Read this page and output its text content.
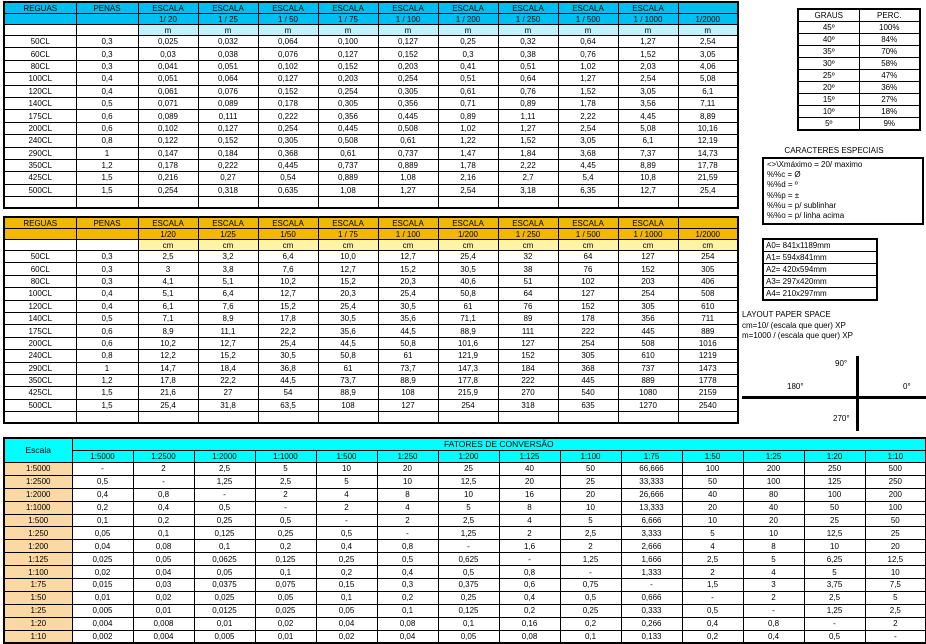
REGUAS	PENAS	ESCALA	ESCALA	ESCALA	ESCALA	ESCALA	ESCALA	ESCALA	ESCALA	ESCALA	
		1/ 20	1 / 25	1 / 50	1 / 75	1 / 100	1 / 200	1 / 250	1 / 500	1 / 1000	1/2000
		m	m	m	m	m	m	m	m	m	m
50CL	0,3	0,025	0,032	0,064	0,100	0,127	0,25	0,32	0,64	1,27	2,54
60CL	0,3	0,03	0,038	0,076	0,127	0,152	0,3	0,38	0,76	1,52	3,05
80CL	0,3	0,041	0,051	0,102	0,152	0,203	0,41	0,51	1,02	2,03	4,06
100CL	0,4	0,051	0,064	0,127	0,203	0,254	0,51	0,64	1,27	2,54	5,08
120CL	0,4	0,061	0,076	0,152	0,254	0,305	0,61	0,76	1,52	3,05	6,1
140CL	0,5	0,071	0,089	0,178	0,305	0,356	0,71	0,89	1,78	3,56	7,11
175CL	0,6	0,089	0,111	0,222	0,356	0,445	0,89	1,11	2,22	4,45	8,89
200CL	0,6	0,102	0,127	0,254	0,445	0,508	1,02	1,27	2,54	5,08	10,16
240CL	0,8	0,122	0,152	0,305	0,508	0,61	1,22	1,52	3,05	6,1	12,19
290CL	1	0,147	0,184	0,368	0,61	0,737	1,47	1,84	3,68	7,37	14,73
350CL	1,2	0,178	0,222	0,445	0,737	0,889	1,78	2,22	4,45	8,89	17,78
425CL	1,5	0,216	0,27	0,54	0,889	1,08	2,16	2,7	5,4	10,8	21,59
500CL	1,5	0,254	0,318	0,635	1,08	1,27	2,54	3,18	6,35	12,7	25,4

REGUAS	PENAS	ESCALA	ESCALA	ESCALA	ESCALA	ESCALA	ESCALA	ESCALA	ESCALA	ESCALA	
		1/20	1/25	1/50	1 / 75	1 / 100	1/200	1 / 250	1 / 500	1 / 1000	1/2000
		cm	cm	cm	cm	cm	cm	cm	cm	cm	cm
50CL	0,3	2,5	3,2	6,4	10,0	12,7	25,4	32	64	127	254
60CL	0,3	3	3,8	7,6	12,7	15,2	30,5	38	76	152	305
80CL	0,3	4,1	5,1	10,2	15,2	20,3	40,6	51	102	203	406
100CL	0,4	5,1	6,4	12,7	20,3	25,4	50,8	64	127	254	508
120CL	0,4	6,1	7,6	15,2	25,4	30,5	61	76	152	305	610
140CL	0,5	7,1	8,9	17,8	30,5	35,6	71,1	89	178	356	711
175CL	0,6	8,9	11,1	22,2	35,6	44,5	88,9	111	222	445	889
200CL	0,6	10,2	12,7	25,4	44,5	50,8	101,6	127	254	508	1016
240CL	0,8	12,2	15,2	30,5	50,8	61	121,9	152	305	610	1219
290CL	1	14,7	18,4	36,8	61	73,7	147,3	184	368	737	1473
350CL	1,2	17,8	22,2	44,5	73,7	88,9	177,8	222	445	889	1778
425CL	1,5	21,6	27	54	88,9	108	215,9	270	540	1080	2159
500CL	1,5	25,4	31,8	63,5	108	127	254	318	635	1270	2540

GRAUS	PERC.
45º	100%
40º	84%
35º	70%
30º	58%
25º	47%
20º	36%
15º	27%
10º	18%
5º	9%
CARACTERES ESPECIAIS
<>\Xmáximo = 20/ maximo
%%c = Ø
%%d = º
%%p = ±
%%u = p/ sublinhar
%%o = p/ linha acima
A0= 841x1189mm
A1= 594x841mm
A2= 420x594mm
A3= 297x420mm
A4= 210x297mm
LAYOUT PAPER SPACE
cm=10/ (escala que quer) XP
m=1000 / (escala que quer) XP
90°
180°	0°
270°
Escala	FATORES DE CONVERSÃO													
	1:5000	1:2500	1:2000	1:1000	1:500	1:250	1:200	1:125	1:100	1:75	1:50	1:25	1:20	1:10
1:5000	-	2	2,5	5	10	20	25	40	50	66,666	100	200	250	500
1:2500	0,5	-	1,25	2,5	5	10	12,5	20	25	33,333	50	100	125	250
1:2000	0,4	0,8	-	2	4	8	10	16	20	26,666	40	80	100	200
1:1000	0,2	0,4	0,5	-	2	4	5	8	10	13,333	20	40	50	100
1:500	0,1	0,2	0,25	0,5	-	2	2,5	4	5	6,666	10	20	25	50
1:250	0,05	0,1	0,125	0,25	0,5	-	1,25	2	2,5	3,333	5	10	12,5	25
1:200	0,04	0,08	0,1	0,2	0,4	0,8	-	1,6	2	2,666	4	8	10	20
1:125	0,025	0,05	0,0625	0,125	0,25	0,5	0,625	-	1,25	1,666	2,5	5	6,25	12,5
1:100	0,02	0,04	0,05	0,1	0,2	0,4	0,5	0,8	-	1,333	2	4	5	10
1:75	0,015	0,03	0,0375	0,075	0,15	0,3	0,375	0,6	0,75	-	1,5	3	3,75	7,5
1:50	0,01	0,02	0,025	0,05	0,1	0,2	0,25	0,4	0,5	0,666	-	2	2,5	5
1:25	0,005	0,01	0,0125	0,025	0,05	0,1	0,125	0,2	0,25	0,333	0,5	-	1,25	2,5
1:20	0,004	0,008	0,01	0,02	0,04	0,08	0,1	0,16	0,2	0,266	0,4	0,8	-	2
1:10	0,002	0,004	0,005	0,01	0,02	0,04	0,05	0,08	0,1	0,133	0,2	0,4	0,5	-
